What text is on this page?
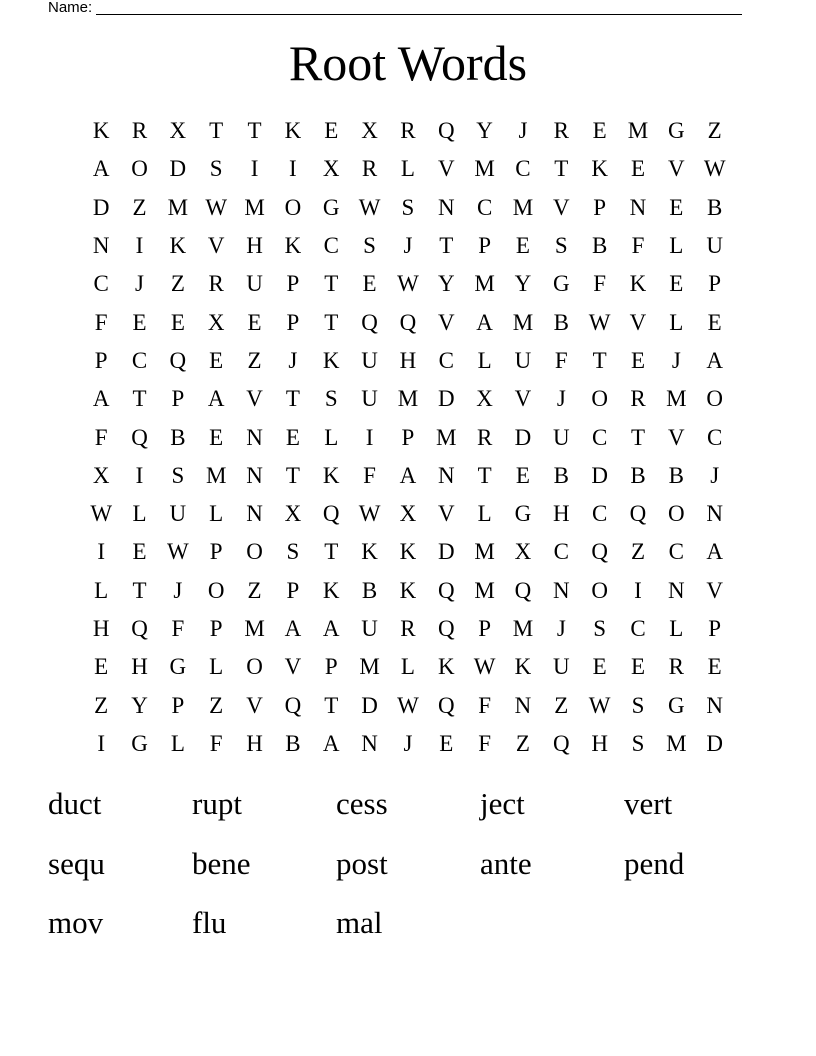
Name:
Root Words
K R X	T	T	K	E	X R Q Y	J	R	E M G	Z
A O D	S	I	I	X R	L	V M C	T	K	E	V W
D	Z M W M O G W S	N C M V	P	N	E	B
N	I	K V H K C	S	J	T	P	E	S	B	F	L	U
C	J	Z	R U	P	T	E W Y M Y G	F	K	E	P
F	E	E	X	E	P	T	Q Q V A M B W V	L	E
P	C Q	E	Z	J	K U H C	L	U	F	T	E	J	A
A	T	P	A V	T	S	U M D X V	J	O R M O
F	Q B	E	N	E	L	I	P M R D U C	T	V C
X	I	S M N	T	K	F	A N	T	E	B D B	B	J
W L	U	L	N X Q W X V	L	G H C Q O N
I	E W P	O	S	T	K K D M X C Q	Z	C A
L	T	J	O	Z	P	K B K Q M Q N O	I	N V
H Q	F	P M A A U R Q	P M	J	S	C	L	P
E	H G	L	O V	P M L	K W K U	E	E	R	E
Z	Y	P	Z	V Q	T	D W Q	F	N	Z W S	G N
I	G	L	F	H B A N	J	E	F	Z	Q H	S M D
duct	rupt	cess	ject	vert
sequ	bene	post	ante	pend
mov	flu	mal
